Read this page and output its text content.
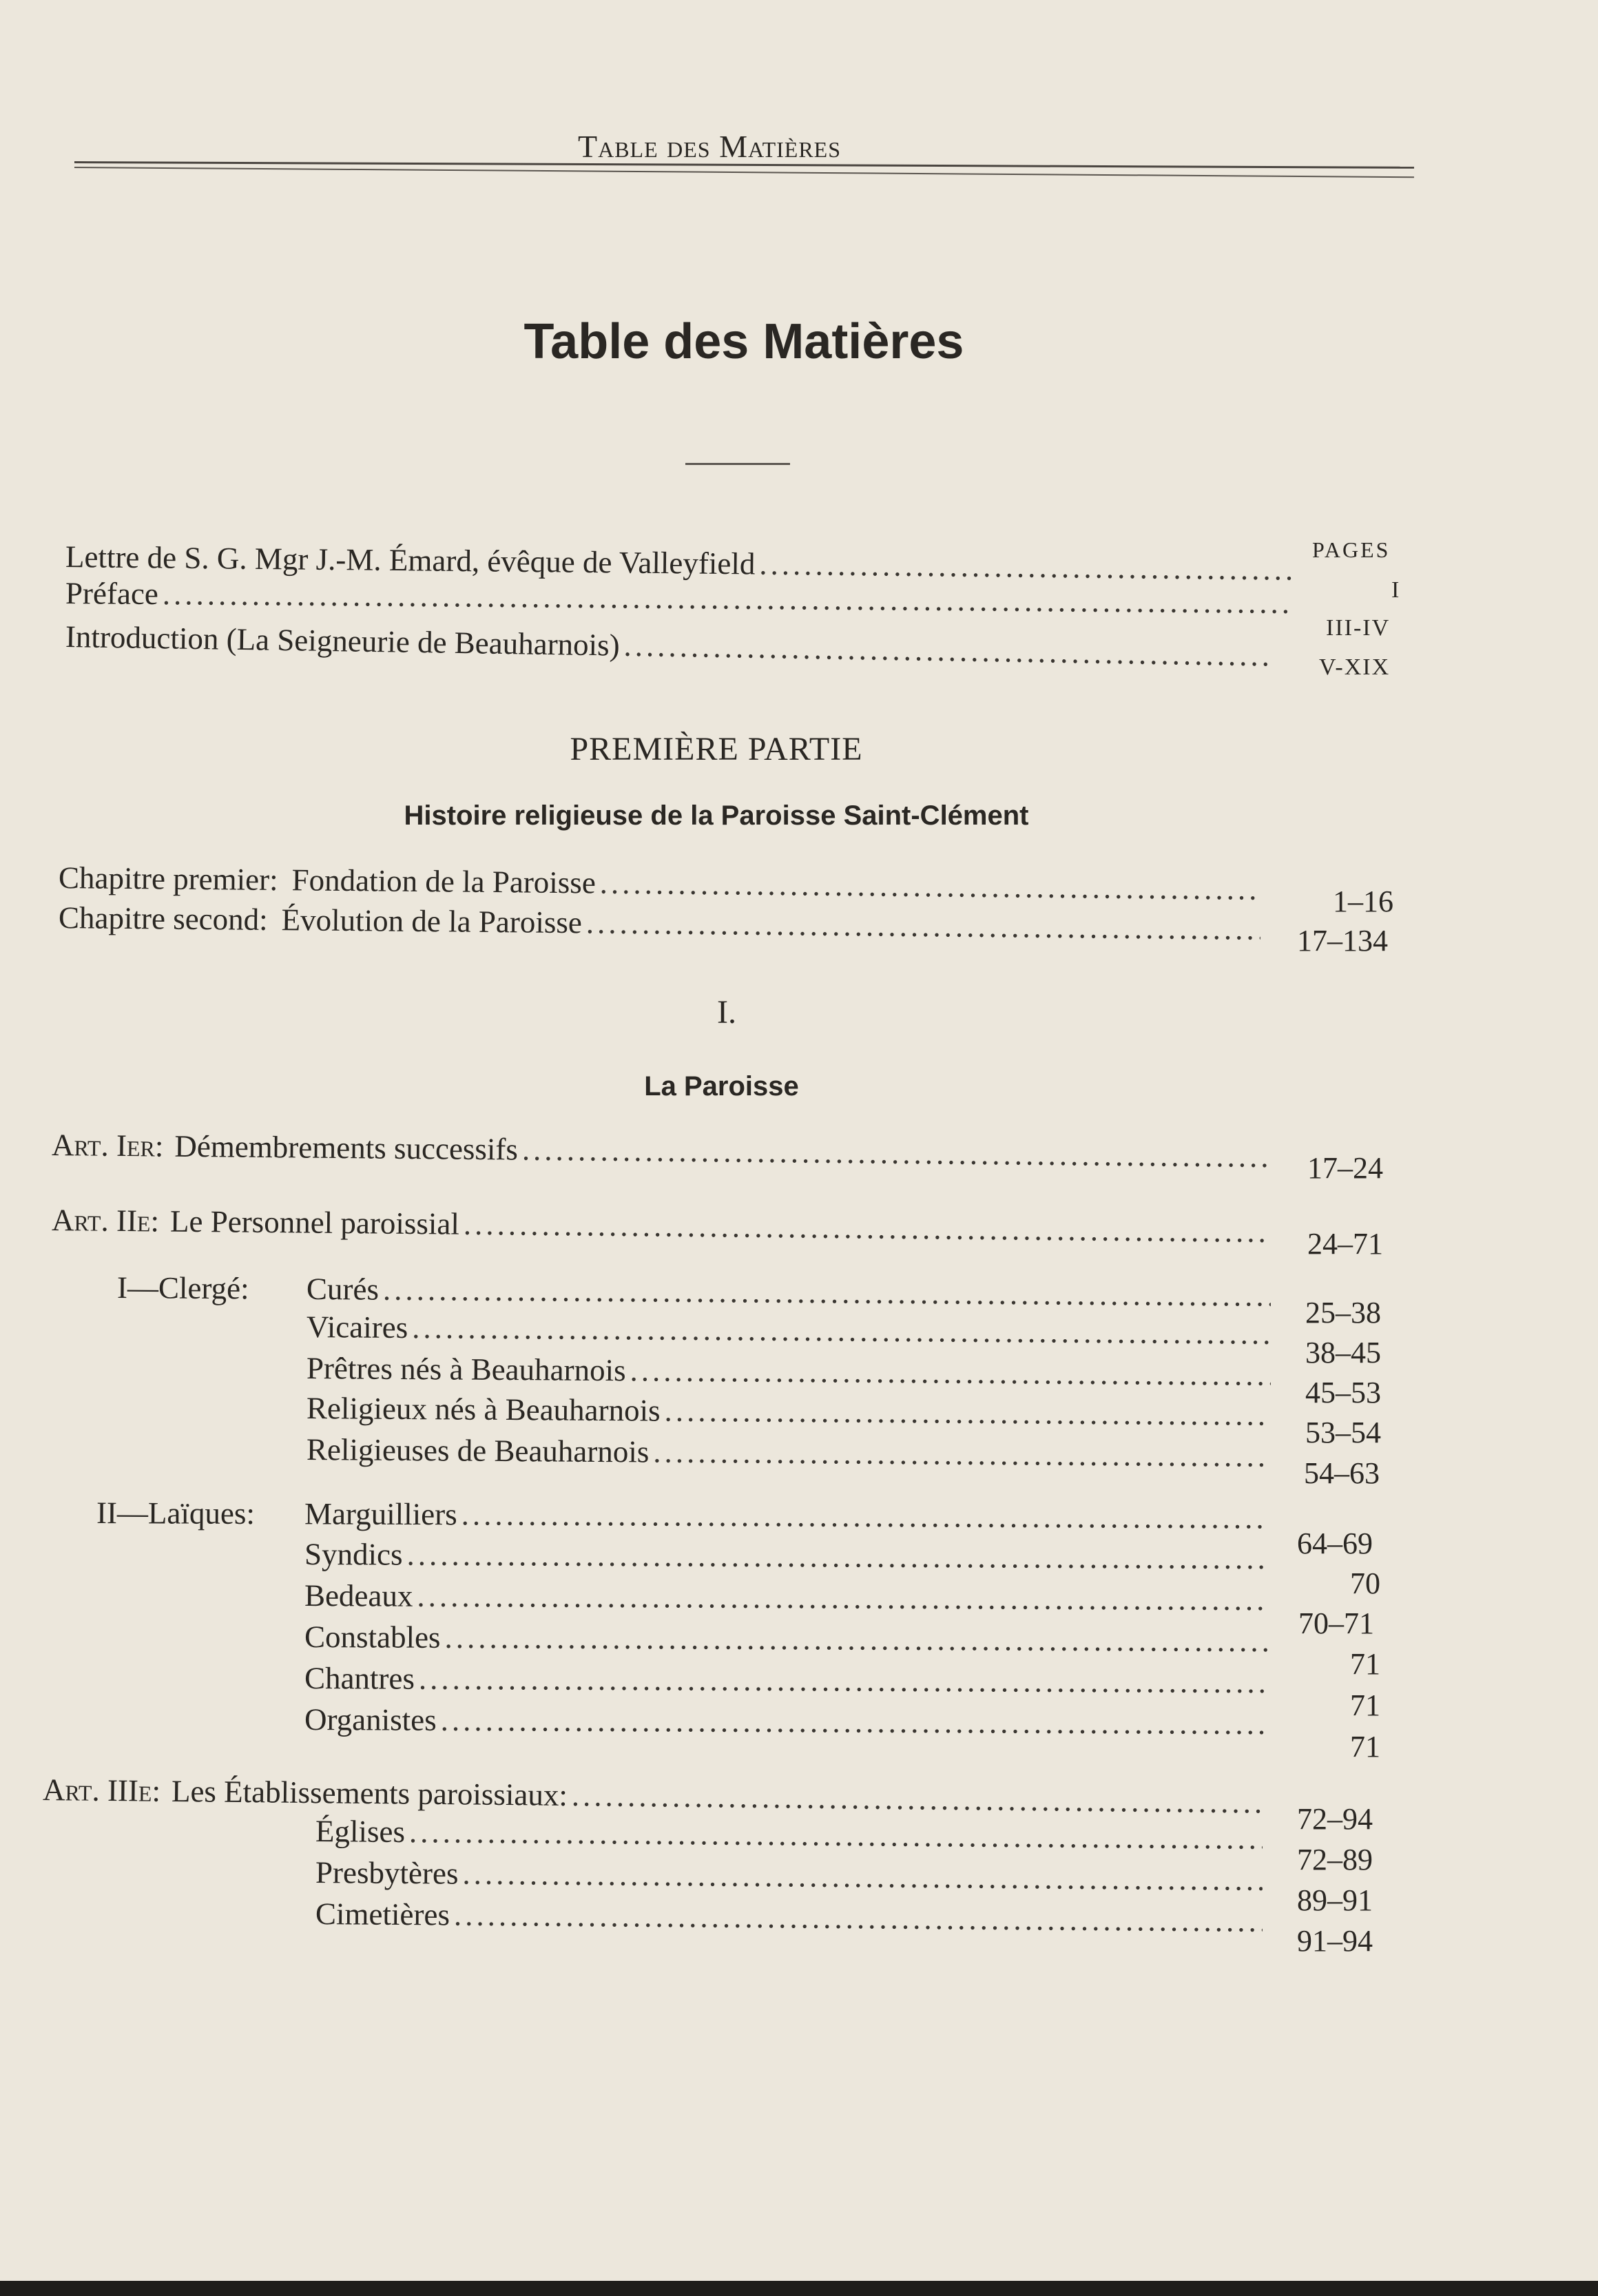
Table des Matières
Table des Matières
PAGES
Lettre de S. G. Mgr J.-M. Émard, évêque de Valleyfield
.....
I
Préface
.....
III-IV
Introduction (La Seigneurie de Beauharnois)
.....
V-XIX
PREMIÈRE PARTIE
Histoire religieuse de la Paroisse Saint-Clément
Chapitre premier: Fondation de la Paroisse
.....
1–16
Chapitre second: Évolution de la Paroisse
.....
17–134
I.
La Paroisse
Art. Ier: Démembrements successifs
.....
17–24
Art. IIe: Le Personnel paroissial
.....
24–71
I—Clergé:	Curés
.....
25–38
Vicaires
.....
38–45
Prêtres nés à Beauharnois
.....
45–53
Religieux nés à Beauharnois
.....
53–54
Religieuses de Beauharnois
.....
54–63
II—Laïques:	Marguilliers
.....
64–69
Syndics
.....
70
Bedeaux
.....
70–71
Constables
.....
71
Chantres
.....
71
Organistes
.....
71
Art. IIIe: Les Établissements paroissiaux:
.....
72–94
Églises
.....
72–89
Presbytères
.....
89–91
Cimetières
.....
91–94
